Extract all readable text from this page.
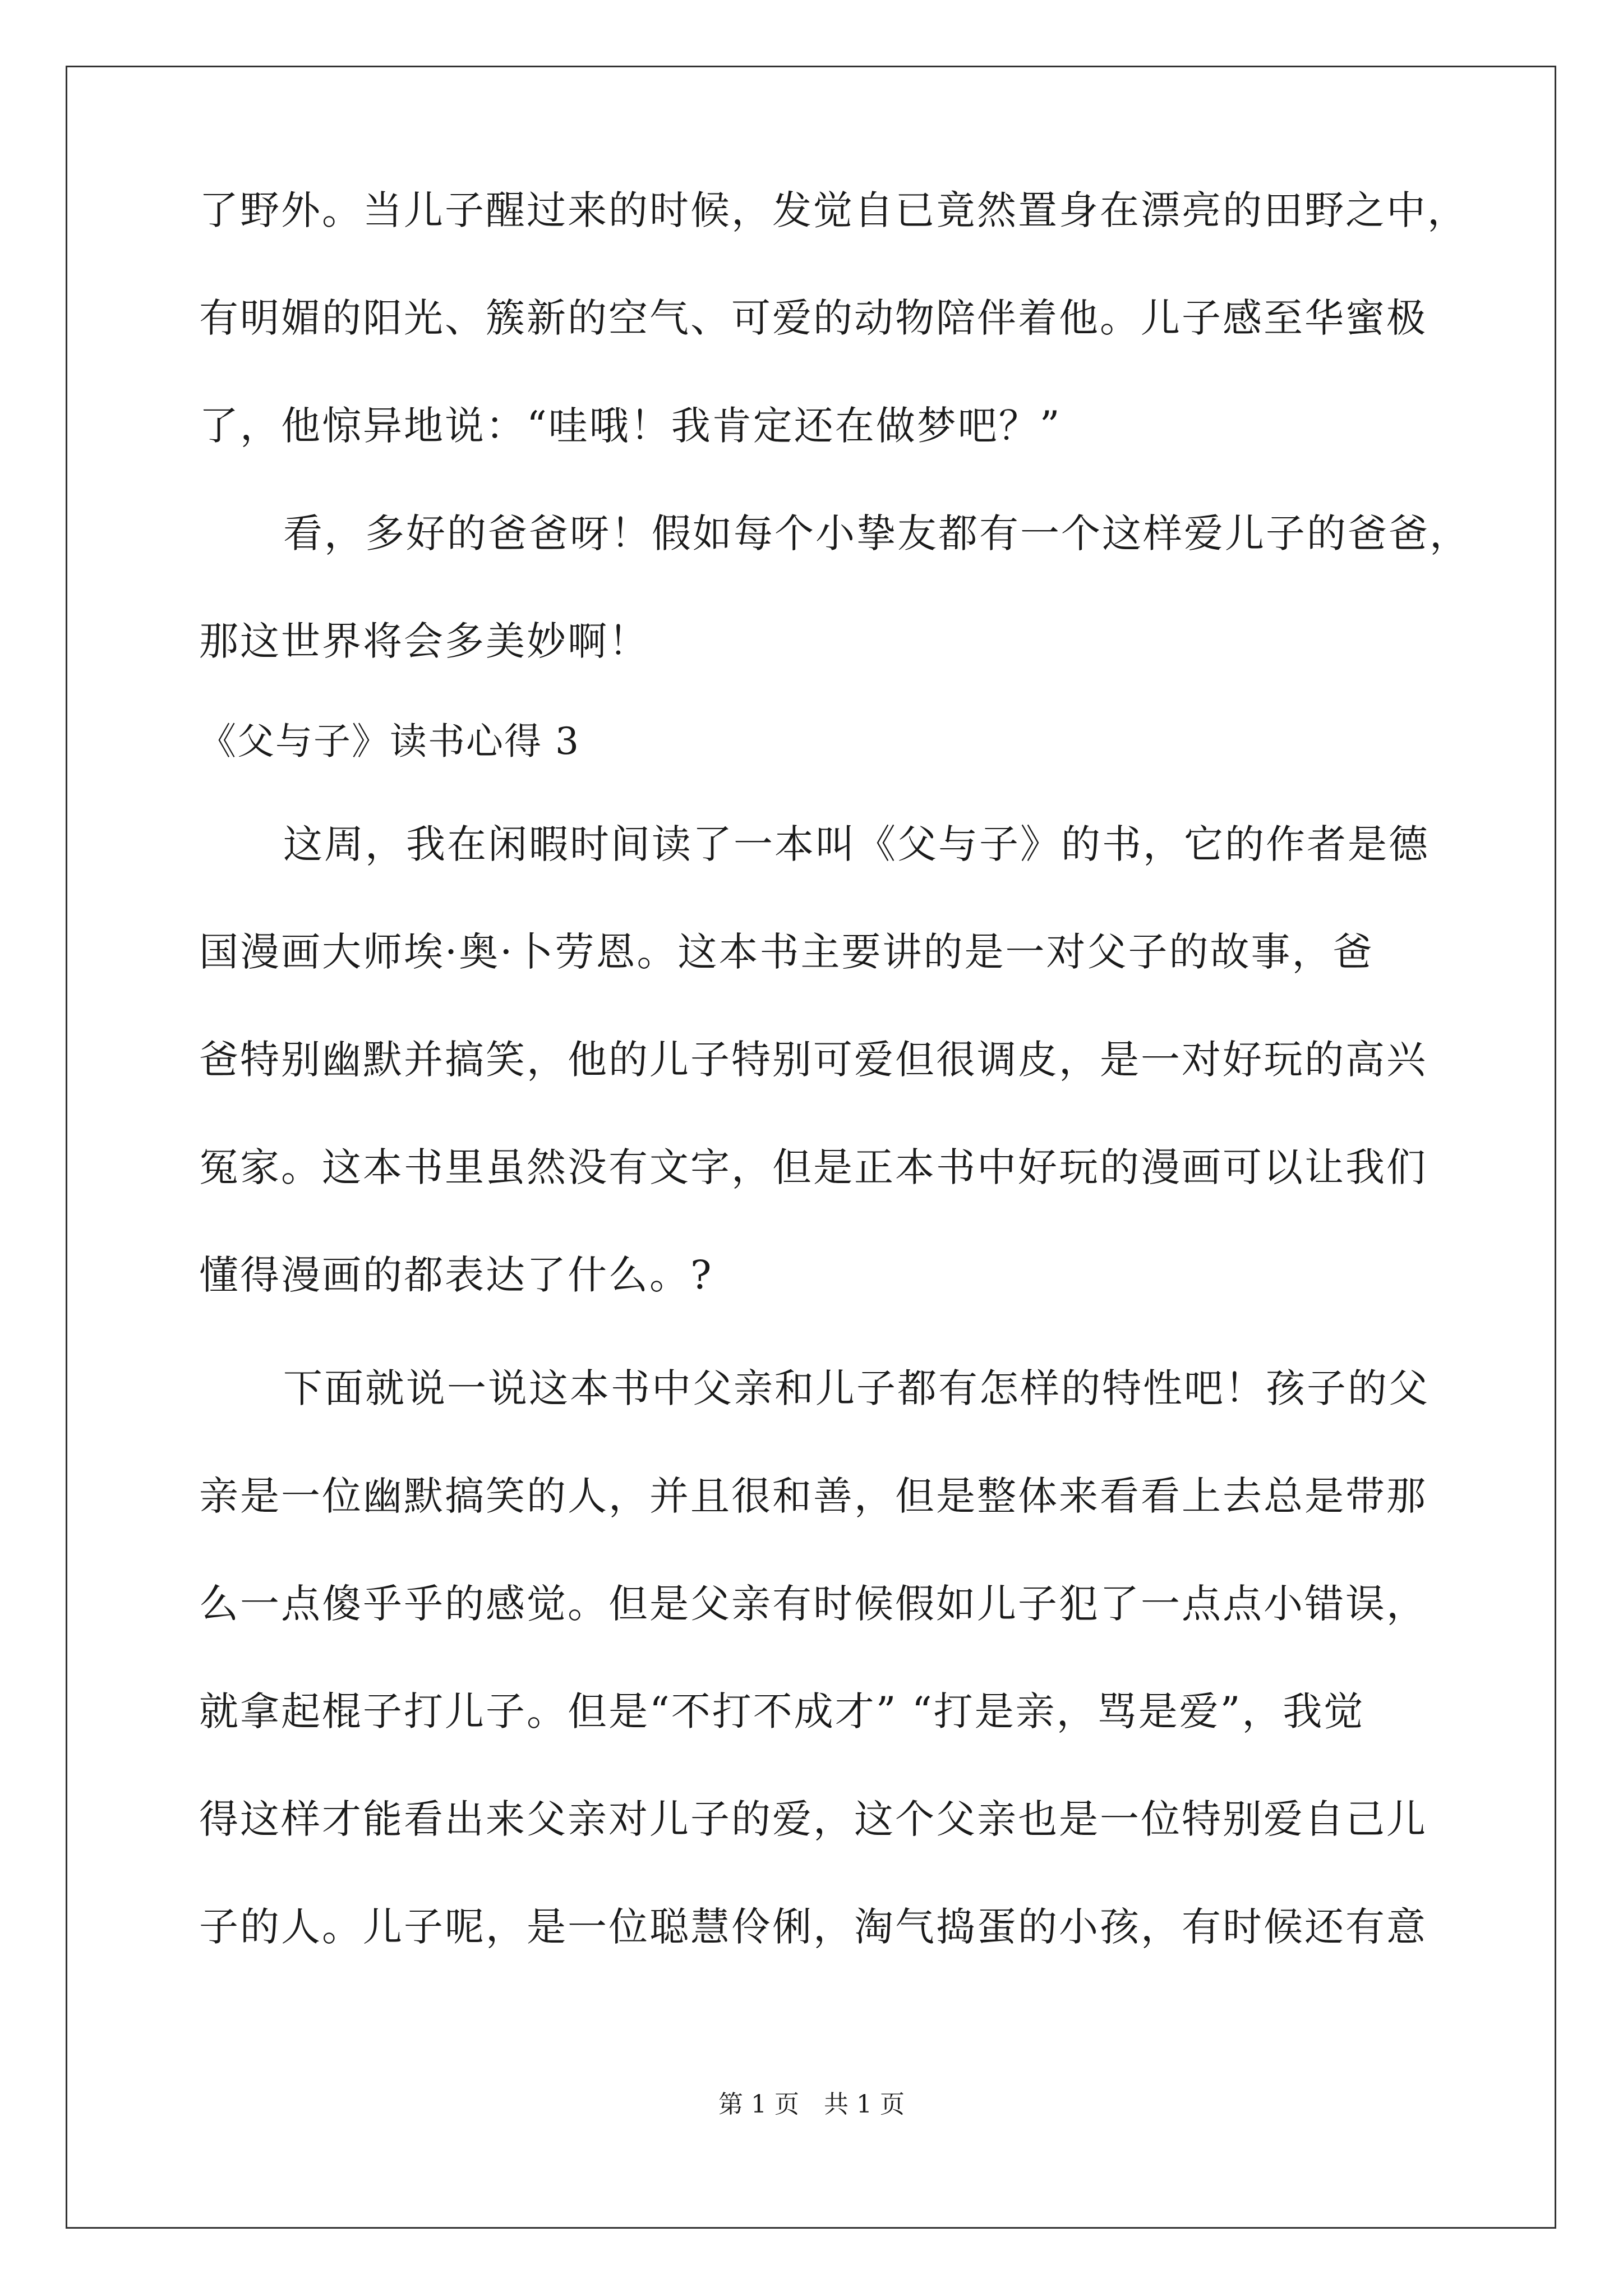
了野外。当儿子醒过来的时候，发觉自已竟然置身在漂亮的田野之中，
有明媚的阳光、簇新的空气、可爱的动物陪伴着他。儿子感至华蜜极
了，他惊异地说：“哇哦！我肯定还在做梦吧？”
看，多好的爸爸呀！假如每个小挚友都有一个这样爱儿子的爸爸，
那这世界将会多美妙啊！
《父与子》读书心得 3
这周，我在闲暇时间读了一本叫《父与子》的书，它的作者是德
国漫画大师埃·奥·卜劳恩。这本书主要讲的是一对父子的故事，爸
爸特别幽默并搞笑，他的儿子特别可爱但很调皮，是一对好玩的高兴
冤家。这本书里虽然没有文字，但是正本书中好玩的漫画可以让我们
懂得漫画的都表达了什么。?
下面就说一说这本书中父亲和儿子都有怎样的特性吧！孩子的父
亲是一位幽默搞笑的人，并且很和善，但是整体来看看上去总是带那
么一点傻乎乎的感觉。但是父亲有时候假如儿子犯了一点点小错误，
就拿起棍子打儿子。但是“不打不成才” “打是亲，骂是爱”，我觉
得这样才能看出来父亲对儿子的爱，这个父亲也是一位特别爱自己儿
子的人。儿子呢，是一位聪慧伶俐，淘气捣蛋的小孩，有时候还有意
第 1 页　共 1 页
